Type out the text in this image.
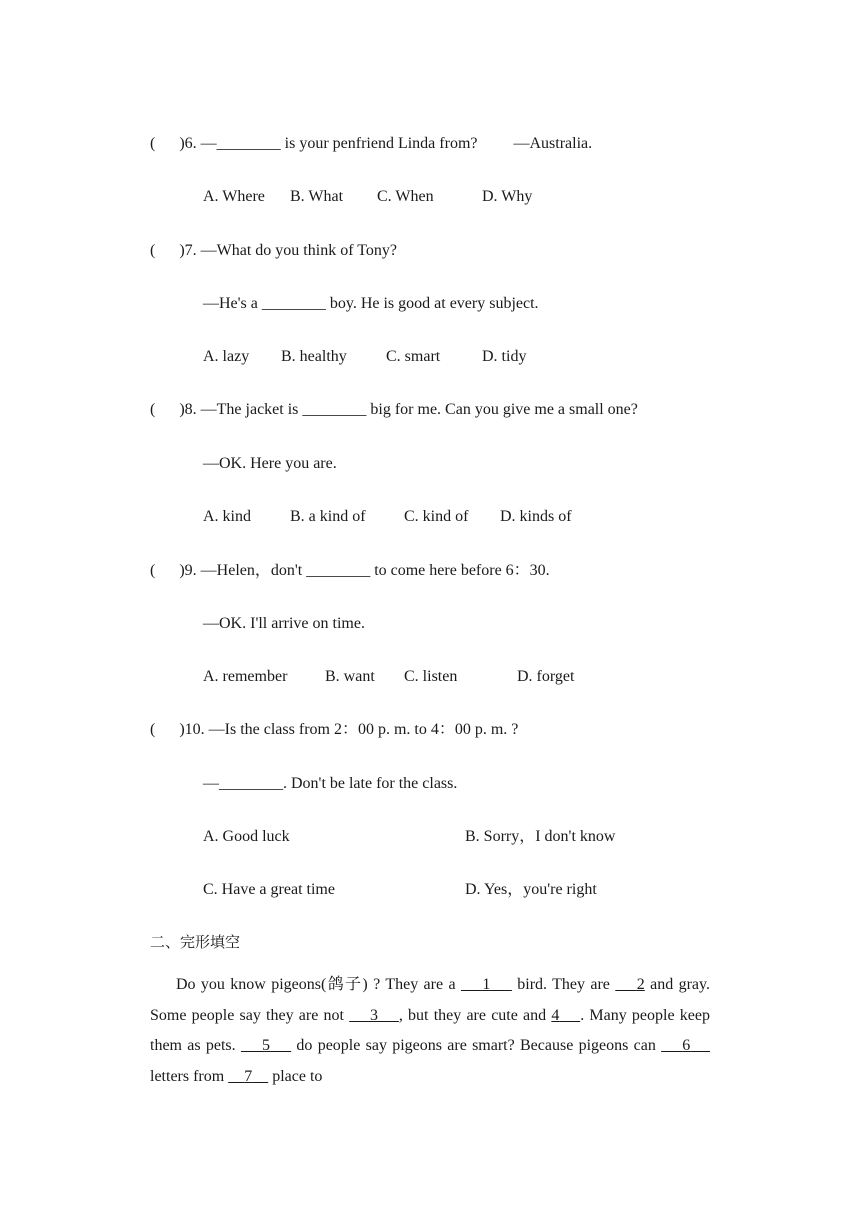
(      )6. —________ is your penfriend Linda from?         —Australia.
A. Where B. What C. When	D. Why
(      )7. —What do you think of Tony?
—He's a ________ boy. He is good at every subject.
A. lazy B. healthy C. smart	D. tidy
(      )8. —The jacket is ________ big for me. Can you give me a small one?
—OK. Here you are.
A. kind B. a kind of C. kind of D. kinds of
(      )9. —Helen，don't ________ to come here before 6：30.
—OK. I'll arrive on time.
A. remember B. want C. listen	D. forget
(      )10. —Is the class from 2：00 p. m. to 4：00 p. m. ?
—________. Don't be late for the class.
A. Good luck	B. Sorry，I don't know
C. Have a great time	D. Yes，you're right
二、完形填空
Do you know pigeons(鸽子) ? They are a     1     bird. They are     2 and gray. Some people say they are not     3 , but they are cute and 4 . Many people keep them as pets.     5     do people say pigeons are smart? Because pigeons can     6     letters from     7     place to
